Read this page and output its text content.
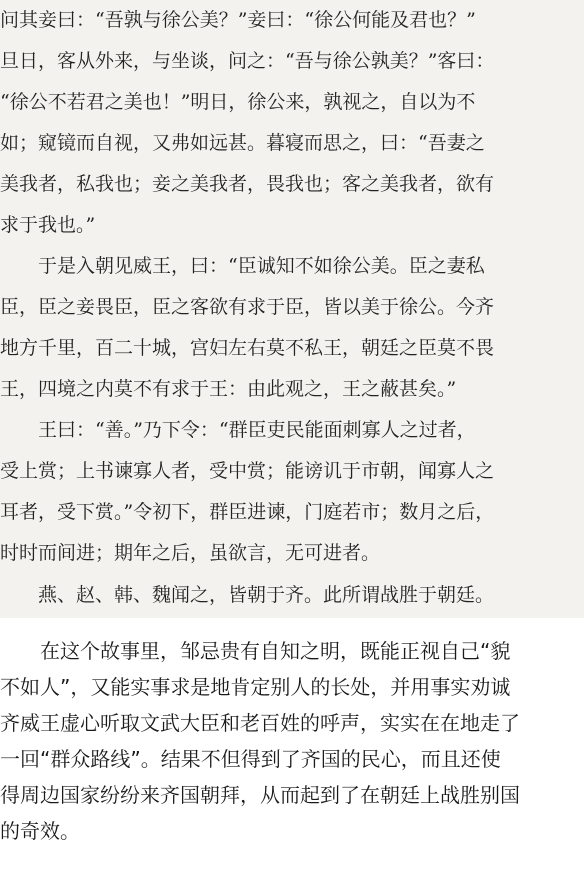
问其妾曰：“吾孰与徐公美？”妾曰：“徐公何能及君也？”

旦日，客从外来，与坐谈，问之：“吾与徐公孰美？”客曰：

“徐公不若君之美也！”明日，徐公来，孰视之，自以为不

如；窥镜而自视，又弗如远甚。暮寝而思之，曰：“吾妻之

美我者，私我也；妾之美我者，畏我也；客之美我者，欲有

求于我也。”

　　于是入朝见威王，曰：“臣诚知不如徐公美。臣之妻私

臣，臣之妾畏臣，臣之客欲有求于臣，皆以美于徐公。今齐

地方千里，百二十城，宫妇左右莫不私王，朝廷之臣莫不畏

王，四境之内莫不有求于王：由此观之，王之蔽甚矣。”

　　王曰：“善。”乃下令：“群臣吏民能面刺寡人之过者，

受上赏；上书谏寡人者，受中赏；能谤讥于市朝，闻寡人之

耳者，受下赏。”令初下，群臣进谏，门庭若市；数月之后，

时时而间进；期年之后，虽欲言，无可进者。

　　燕、赵、韩、魏闻之，皆朝于齐。此所谓战胜于朝廷。

　　在这个故事里，邹忌贵有自知之明，既能正视自己“貌

不如人”，又能实事求是地肯定别人的长处，并用事实劝诚

齐威王虚心听取文武大臣和老百姓的呼声，实实在在地走了

一回“群众路线”。结果不但得到了齐国的民心，而且还使

得周边国家纷纷来齐国朝拜，从而起到了在朝廷上战胜别国

的奇效。
